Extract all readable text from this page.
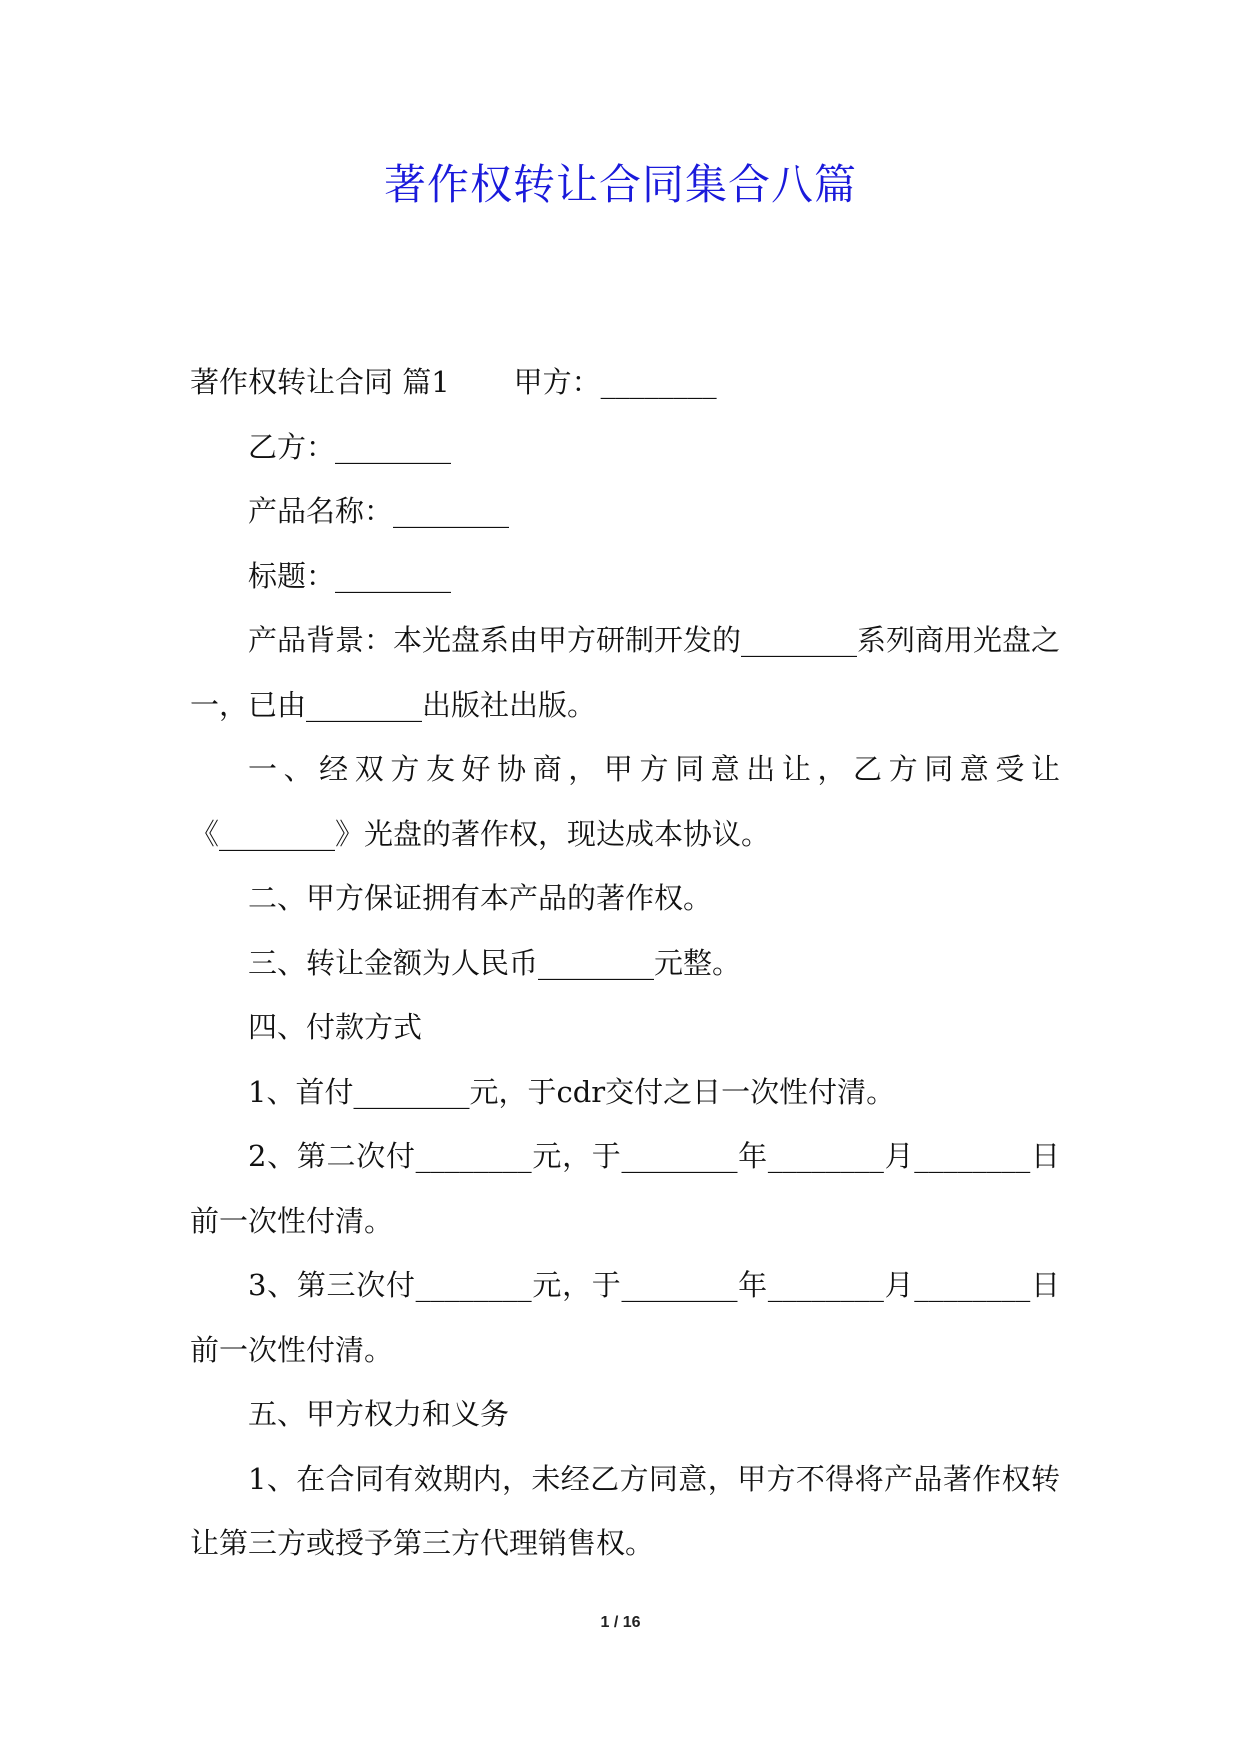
著作权转让合同集合八篇

著作权转让合同 篇1 甲方：________

乙方：________

产品名称：________

标题：________

产品背景：本光盘系由甲方研制开发的________系列商用光盘之一，已由________出版社出版。

一、经双方友好协商，甲方同意出让，乙方同意受让《________》光盘的著作权，现达成本协议。

二、甲方保证拥有本产品的著作权。

三、转让金额为人民币________元整。

四、付款方式

1、首付________元，于cdr交付之日一次性付清。

2、第二次付________元，于________年________月________日前一次性付清。

3、第三次付________元，于________年________月________日前一次性付清。

五、甲方权力和义务

1、在合同有效期内，未经乙方同意，甲方不得将产品著作权转让第三方或授予第三方代理销售权。

1 / 16
